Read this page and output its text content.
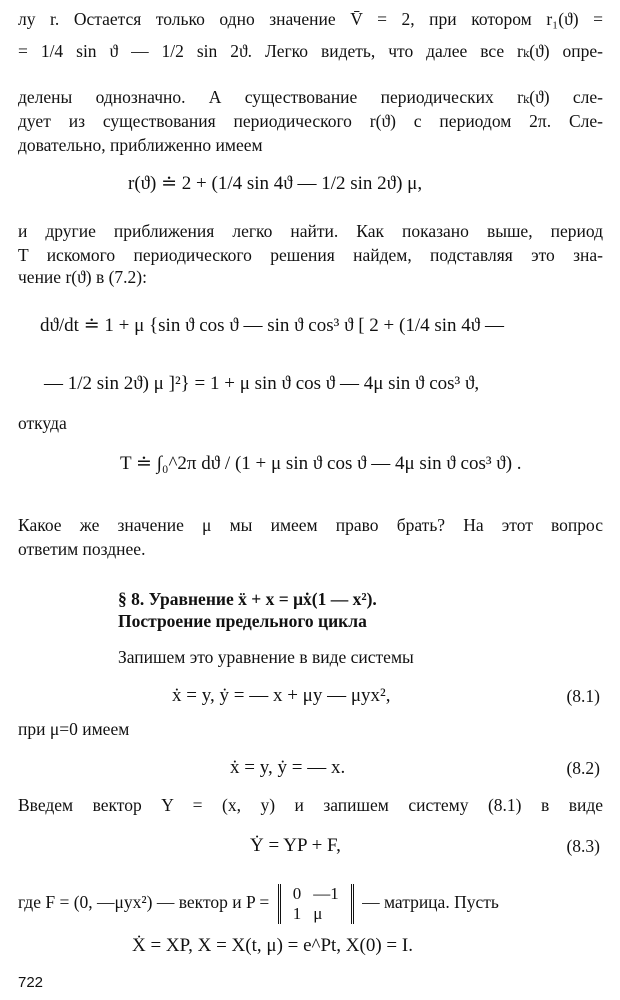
лу r. Остается только одно значение V̄ = 2, при котором r₁(ϑ) =
= 1/4 sin ϑ — 1/2 sin 2ϑ. Легко видеть, что далее все rₖ(ϑ) опре-
делены однозначно. А существование периодических rₖ(ϑ) сле-
дует из существования периодического r(ϑ) с периодом 2π. Сле-
довательно, приближенно имеем
r(ϑ) ≐ 2 + (1/4 sin 4ϑ — 1/2 sin 2ϑ) μ,
и другие приближения легко найти. Как показано выше, период
T искомого периодического решения найдем, подставляя это зна-
чение r(ϑ) в (7.2):
dϑ/dt ≐ 1 + μ {sin ϑ cos ϑ — sin ϑ cos³ ϑ [ 2 + (1/4 sin 4ϑ —
— 1/2 sin 2ϑ) μ ]²} = 1 + μ sin ϑ cos ϑ — 4μ sin ϑ cos³ ϑ,
откуда
T ≐ ∫₀^2π dϑ / (1 + μ sin ϑ cos ϑ — 4μ sin ϑ cos³ ϑ) .
Какое же значение μ мы имеем право брать? На этот вопрос
ответим позднее.
§ 8. Уравнение ẍ + x = μẋ(1 — x²).
Построение предельного цикла
Запишем это уравнение в виде системы
ẋ = y, ẏ = — x + μy — μyx²,	(8.1)
при μ=0 имеем
ẋ = y, ẏ = — x.	(8.2)
Введем вектор Y = (x, y) и запишем систему (8.1) в виде
Ẏ = YP + F,	(8.3)
где F = (0, —μyx²) — вектор и P = 0	—1
1	μ
— матрица. Пусть
Ẋ = XP, X = X(t, μ) = e^Pt, X(0) = I.
722
